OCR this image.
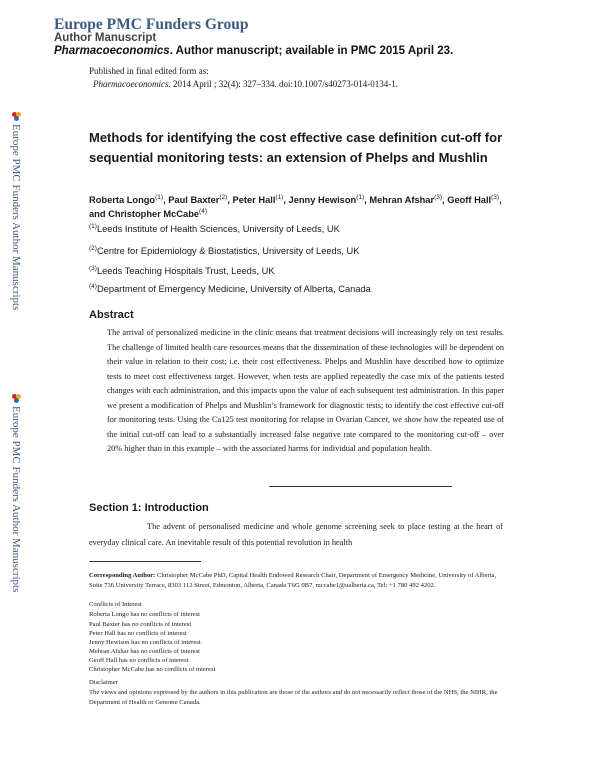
Europe PMC Funders Group
Author Manuscript
Pharmacoeconomics. Author manuscript; available in PMC 2015 April 23.
Published in final edited form as:
Pharmacoeconomics. 2014 April ; 32(4): 327–334. doi:10.1007/s40273-014-0134-1.
Europe PMC Funders Author Manuscripts
Europe PMC Funders Author Manuscripts
Methods for identifying the cost effective case definition cut-off for sequential monitoring tests: an extension of Phelps and Mushlin
Roberta Longo$^{(1)}$, Paul Baxter$^{(2)}$, Peter Hall$^{(1)}$, Jenny Hewison$^{(1)}$, Mehran Afshar$^{(3)}$, Geoff Hall$^{(3)}$, and Christopher McCabe$^{(4)}$
$^{(1)}$Leeds Institute of Health Sciences, University of Leeds, UK
$^{(2)}$Centre for Epidemiology & Biostatistics, University of Leeds, UK
$^{(3)}$Leeds Teaching Hospitals Trust, Leeds, UK
$^{(4)}$Department of Emergency Medicine, University of Alberta, Canada
Abstract
The arrival of personalized medicine in the clinic means that treatment decisions will increasingly rely on test results. The challenge of limited health care resources means that the dissemination of these technologies will be dependent on their value in relation to their cost; i.e. their cost effectiveness. Phelps and Mushlin have described how to optimize tests to meet cost effectiveness target. However, when tests are applied repeatedly the case mix of the patients tested changes with each administration, and this impacts upon the value of each subsequent test administration. In this paper we present a modification of Phelps and Mushlin’s framework for diagnostic tests; to identify the cost effective cut-off for monitoring tests. Using the Ca125 test monitoring for relapse in Ovarian Cancer, we show how the repeated use of the initial cut-off can lead to a substantially increased false negative rate compared to the monitoring cut-off – over 20% higher than in this example – with the associated harms for individual and population health.
Section 1: Introduction
The advent of personalised medicine and whole genome screening seek to place testing at the heart of everyday clinical care. An inevitable result of this potential revolution in health
Corresponding Author: Christopher McCabe PhD, Capital Health Endowed Research Chair, Department of Emergency Medicine, University of Alberta, Suite 736 University Terrace, 8303 112 Street, Edmonton, Alberta, Canada T6G 0B7, mccabe1@ualberta.ca, Tel: +1 780 492 4202.
Conflicts of Interest
Roberta Longo has no conflicts of interest
Paul Baxter has no conflicts of interest
Peter Hall has no conflicts of interest
Jenny Hewison has no conflicts of interest
Mehran Afshar has no conflicts of interest
Geoff Hall has no conflicts of interest
Christopher McCabe has no conflicts of interest
Disclaimer
The views and opinions expressed by the authors in this publication are those of the authors and do not necessarily reflect those of the NHS, the NIHR, the Department of Health or Genome Canada.
